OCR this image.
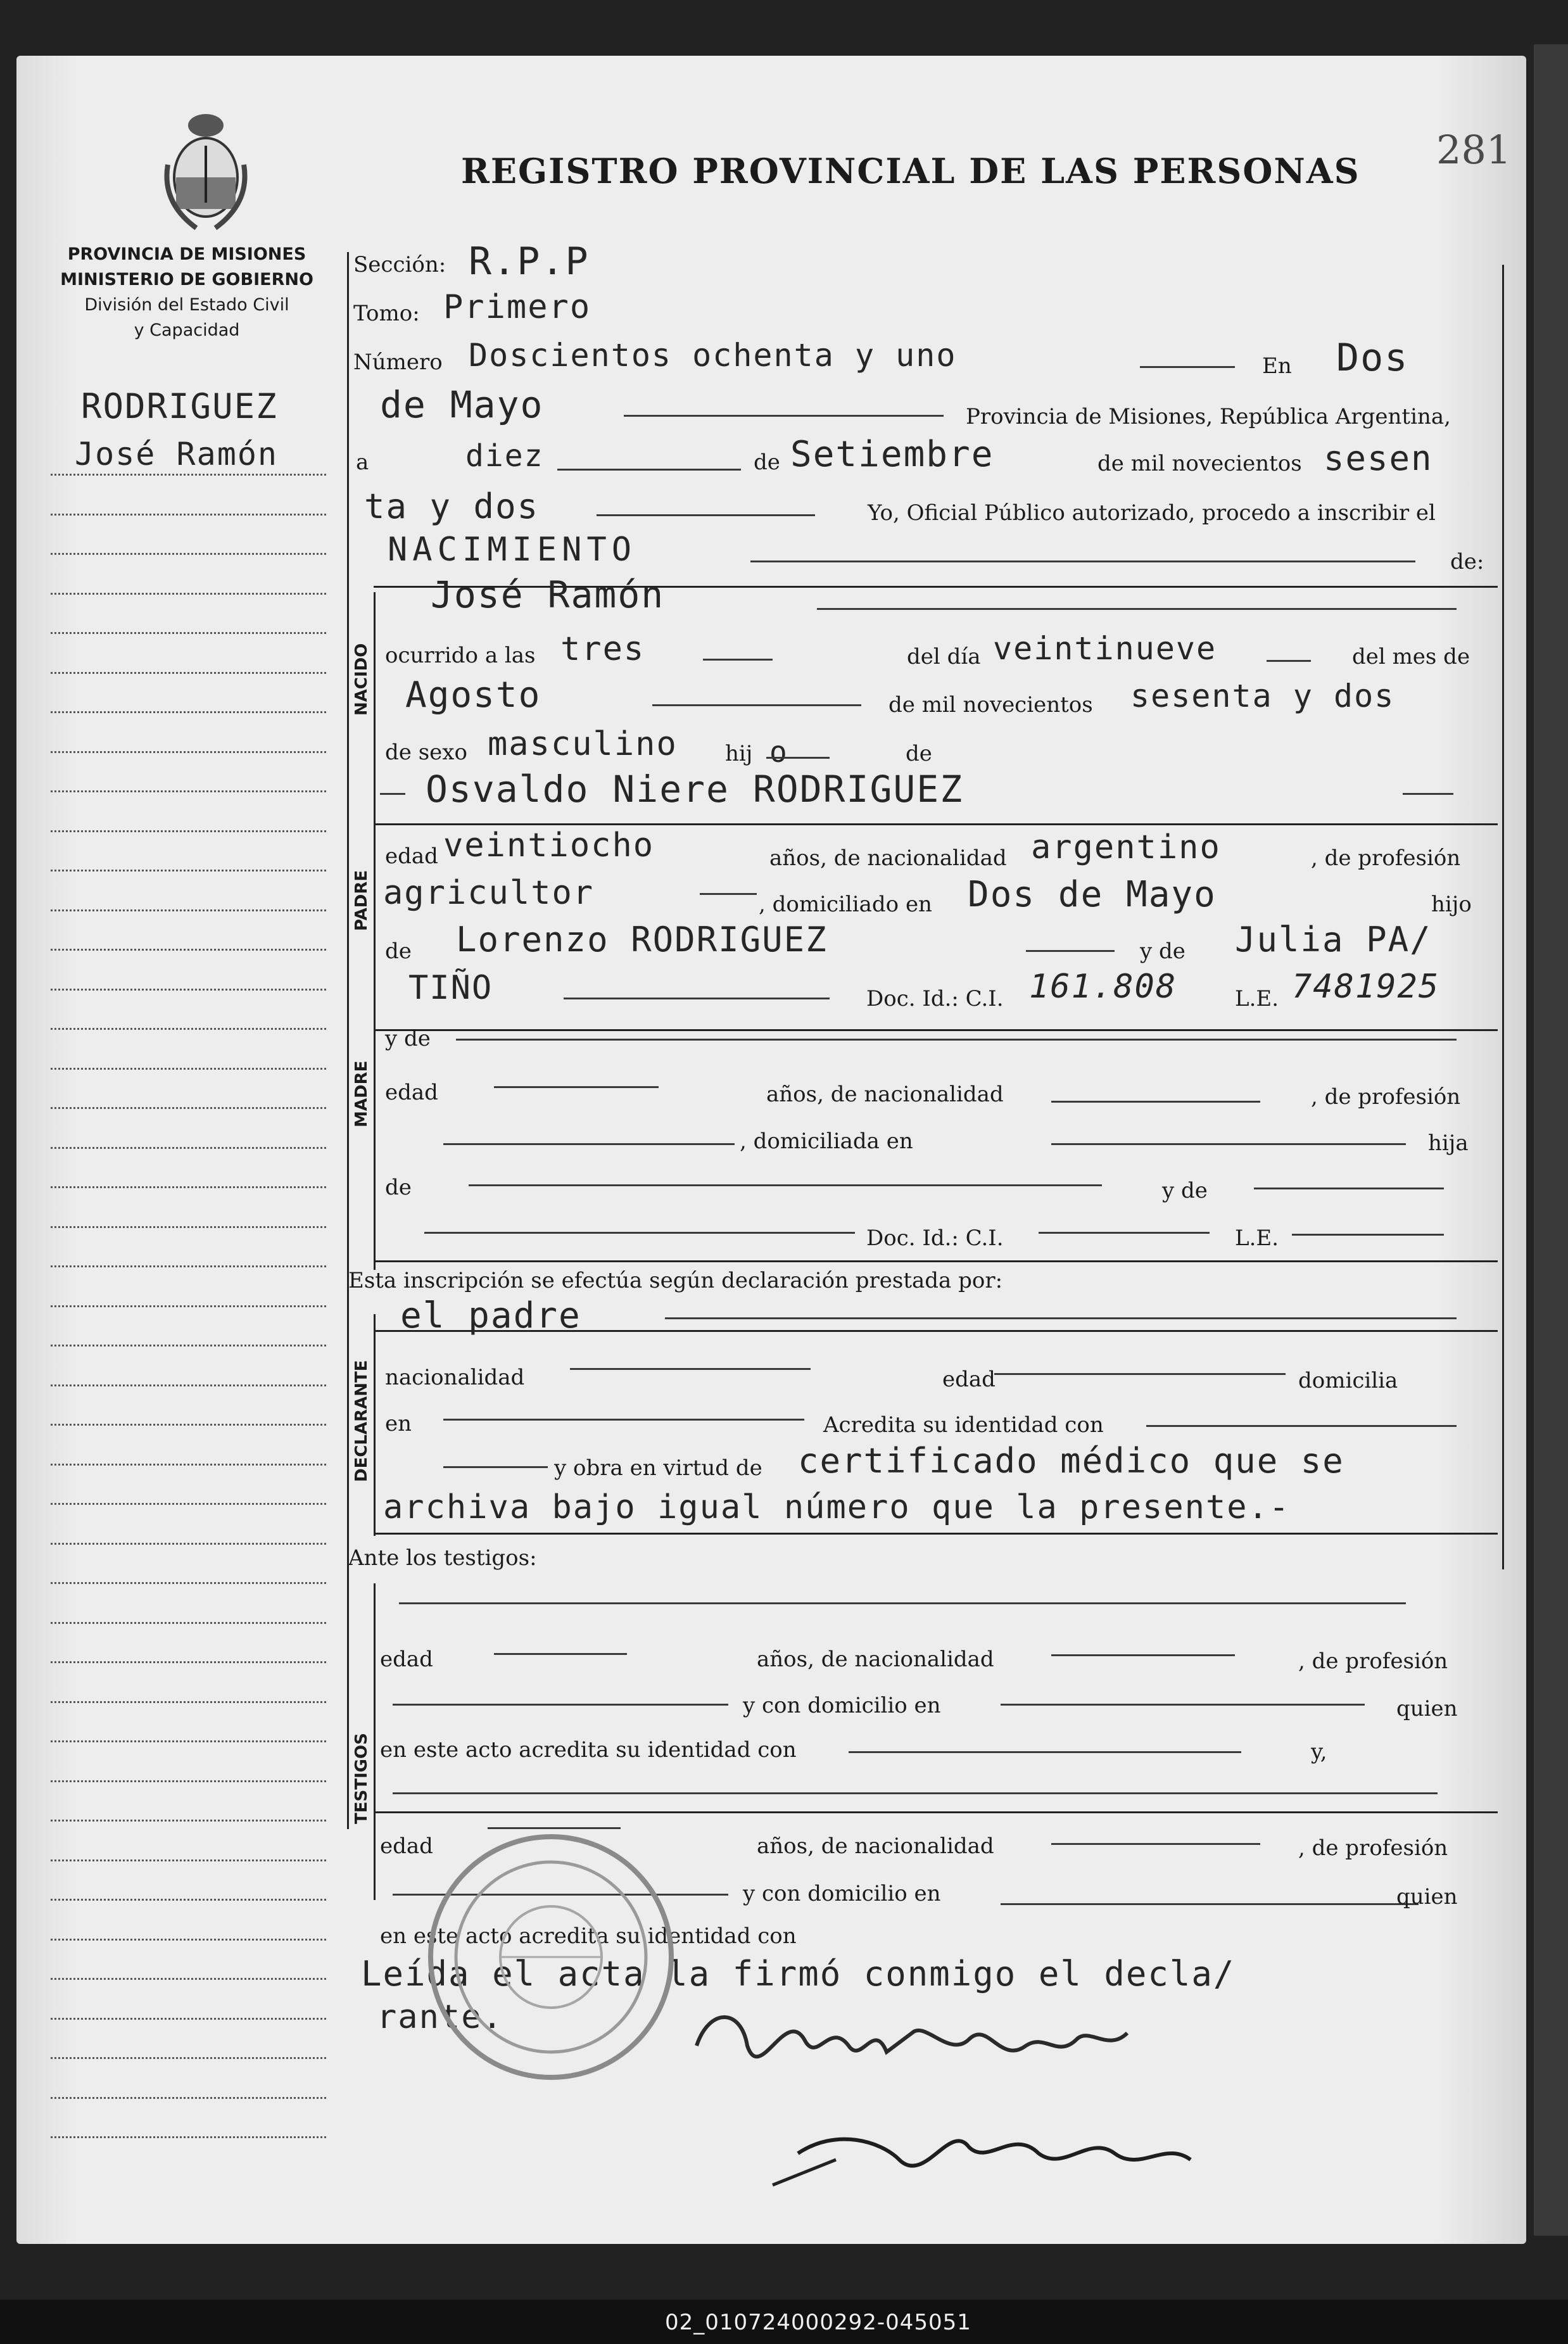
REGISTRO PROVINCIAL DE LAS PERSONAS 281
PROVINCIA DE MISIONES
MINISTERIO DE GOBIERNO
División del Estado Civil
y Capacidad
RODRIGUEZ
José Ramón
NACIDO
PADRE
MADRE
DECLARANTE
TESTIGOS
Sección: R.P.P
Tomo: Primero
Número Doscientos ochenta y uno	En Dos
de Mayo	Provincia de Misiones, República Argentina,
a	diez	de Setiembre	de mil novecientos sesen
ta y dos	Yo, Oficial Público autorizado, procedo a inscribir el
NACIMIENTO	de:
José Ramón
ocurrido a las tres	del día veintinueve	del mes de
Agosto	de mil novecientos sesenta y dos
de sexo masculino hij o	de
Osvaldo Niere RODRIGUEZ
edad veintiocho	años, de nacionalidad argentino	, de profesión
agricultor	, domiciliado en Dos de Mayo	hijo
de Lorenzo RODRIGUEZ	y de Julia PA/
TIÑO	Doc. Id.: C.I. 161.808	L.E. 7481925
y de
edad	años, de nacionalidad	, de profesión
, domiciliada en	hija
de	y de
Doc. Id.: C.I.	L.E.
Esta inscripción se efectúa según declaración prestada por:
el padre
nacionalidad	edad	domicilia
en	Acredita su identidad con
y obra en virtud de certificado médico que se
archiva bajo igual número que la presente.-
Ante los testigos:
edad	años, de nacionalidad	, de profesión
y con domicilio en	quien
en este acto acredita su identidad con	y,
edad	años, de nacionalidad	, de profesión
y con domicilio en	quien
en este acto acredita su identidad con
Leída el acta la firmó conmigo el decla/
rante.
02_010724000292-045051
